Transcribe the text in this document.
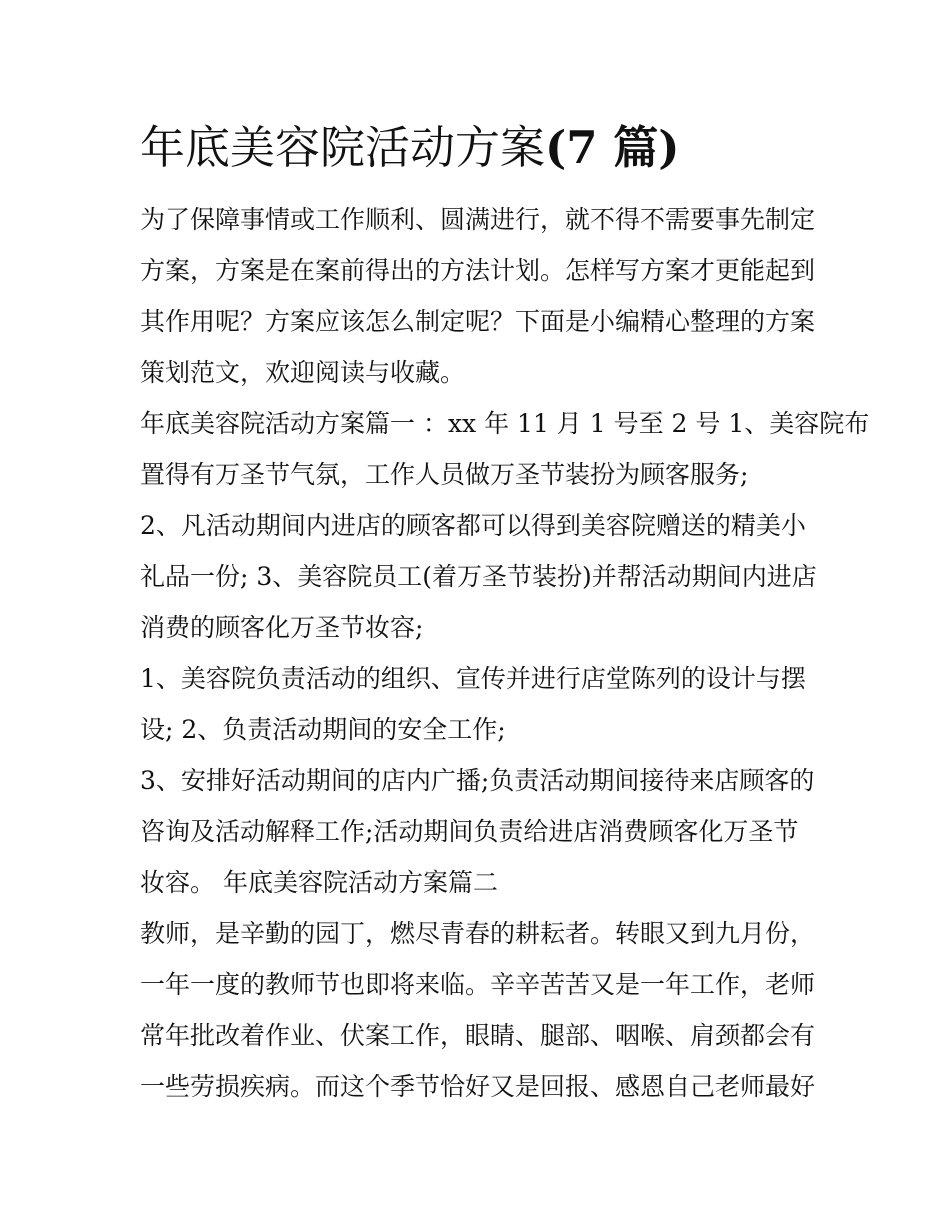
年底美容院活动方案(7 篇)

为了保障事情或工作顺利、圆满进行，就不得不需要事先制定

方案，方案是在案前得出的方法计划。怎样写方案才更能起到

其作用呢？方案应该怎么制定呢？下面是小编精心整理的方案

策划范文，欢迎阅读与收藏。

年底美容院活动方案篇一 ：xx 年 11 月 1 号至 2 号 1、美容院布

置得有万圣节气氛，工作人员做万圣节装扮为顾客服务;

2、凡活动期间内进店的顾客都可以得到美容院赠送的精美小

礼品一份; 3、美容院员工(着万圣节装扮)并帮活动期间内进店

消费的顾客化万圣节妆容;

1、美容院负责活动的组织、宣传并进行店堂陈列的设计与摆

设; 2、负责活动期间的安全工作;

3、安排好活动期间的店内广播;负责活动期间接待来店顾客的

咨询及活动解释工作;活动期间负责给进店消费顾客化万圣节

妆容。 年底美容院活动方案篇二

教师，是辛勤的园丁，燃尽青春的耕耘者。转眼又到九月份，

一年一度的教师节也即将来临。辛辛苦苦又是一年工作，老师

常年批改着作业、伏案工作，眼睛、腿部、咽喉、肩颈都会有

一些劳损疾病。而这个季节恰好又是回报、感恩自己老师最好
